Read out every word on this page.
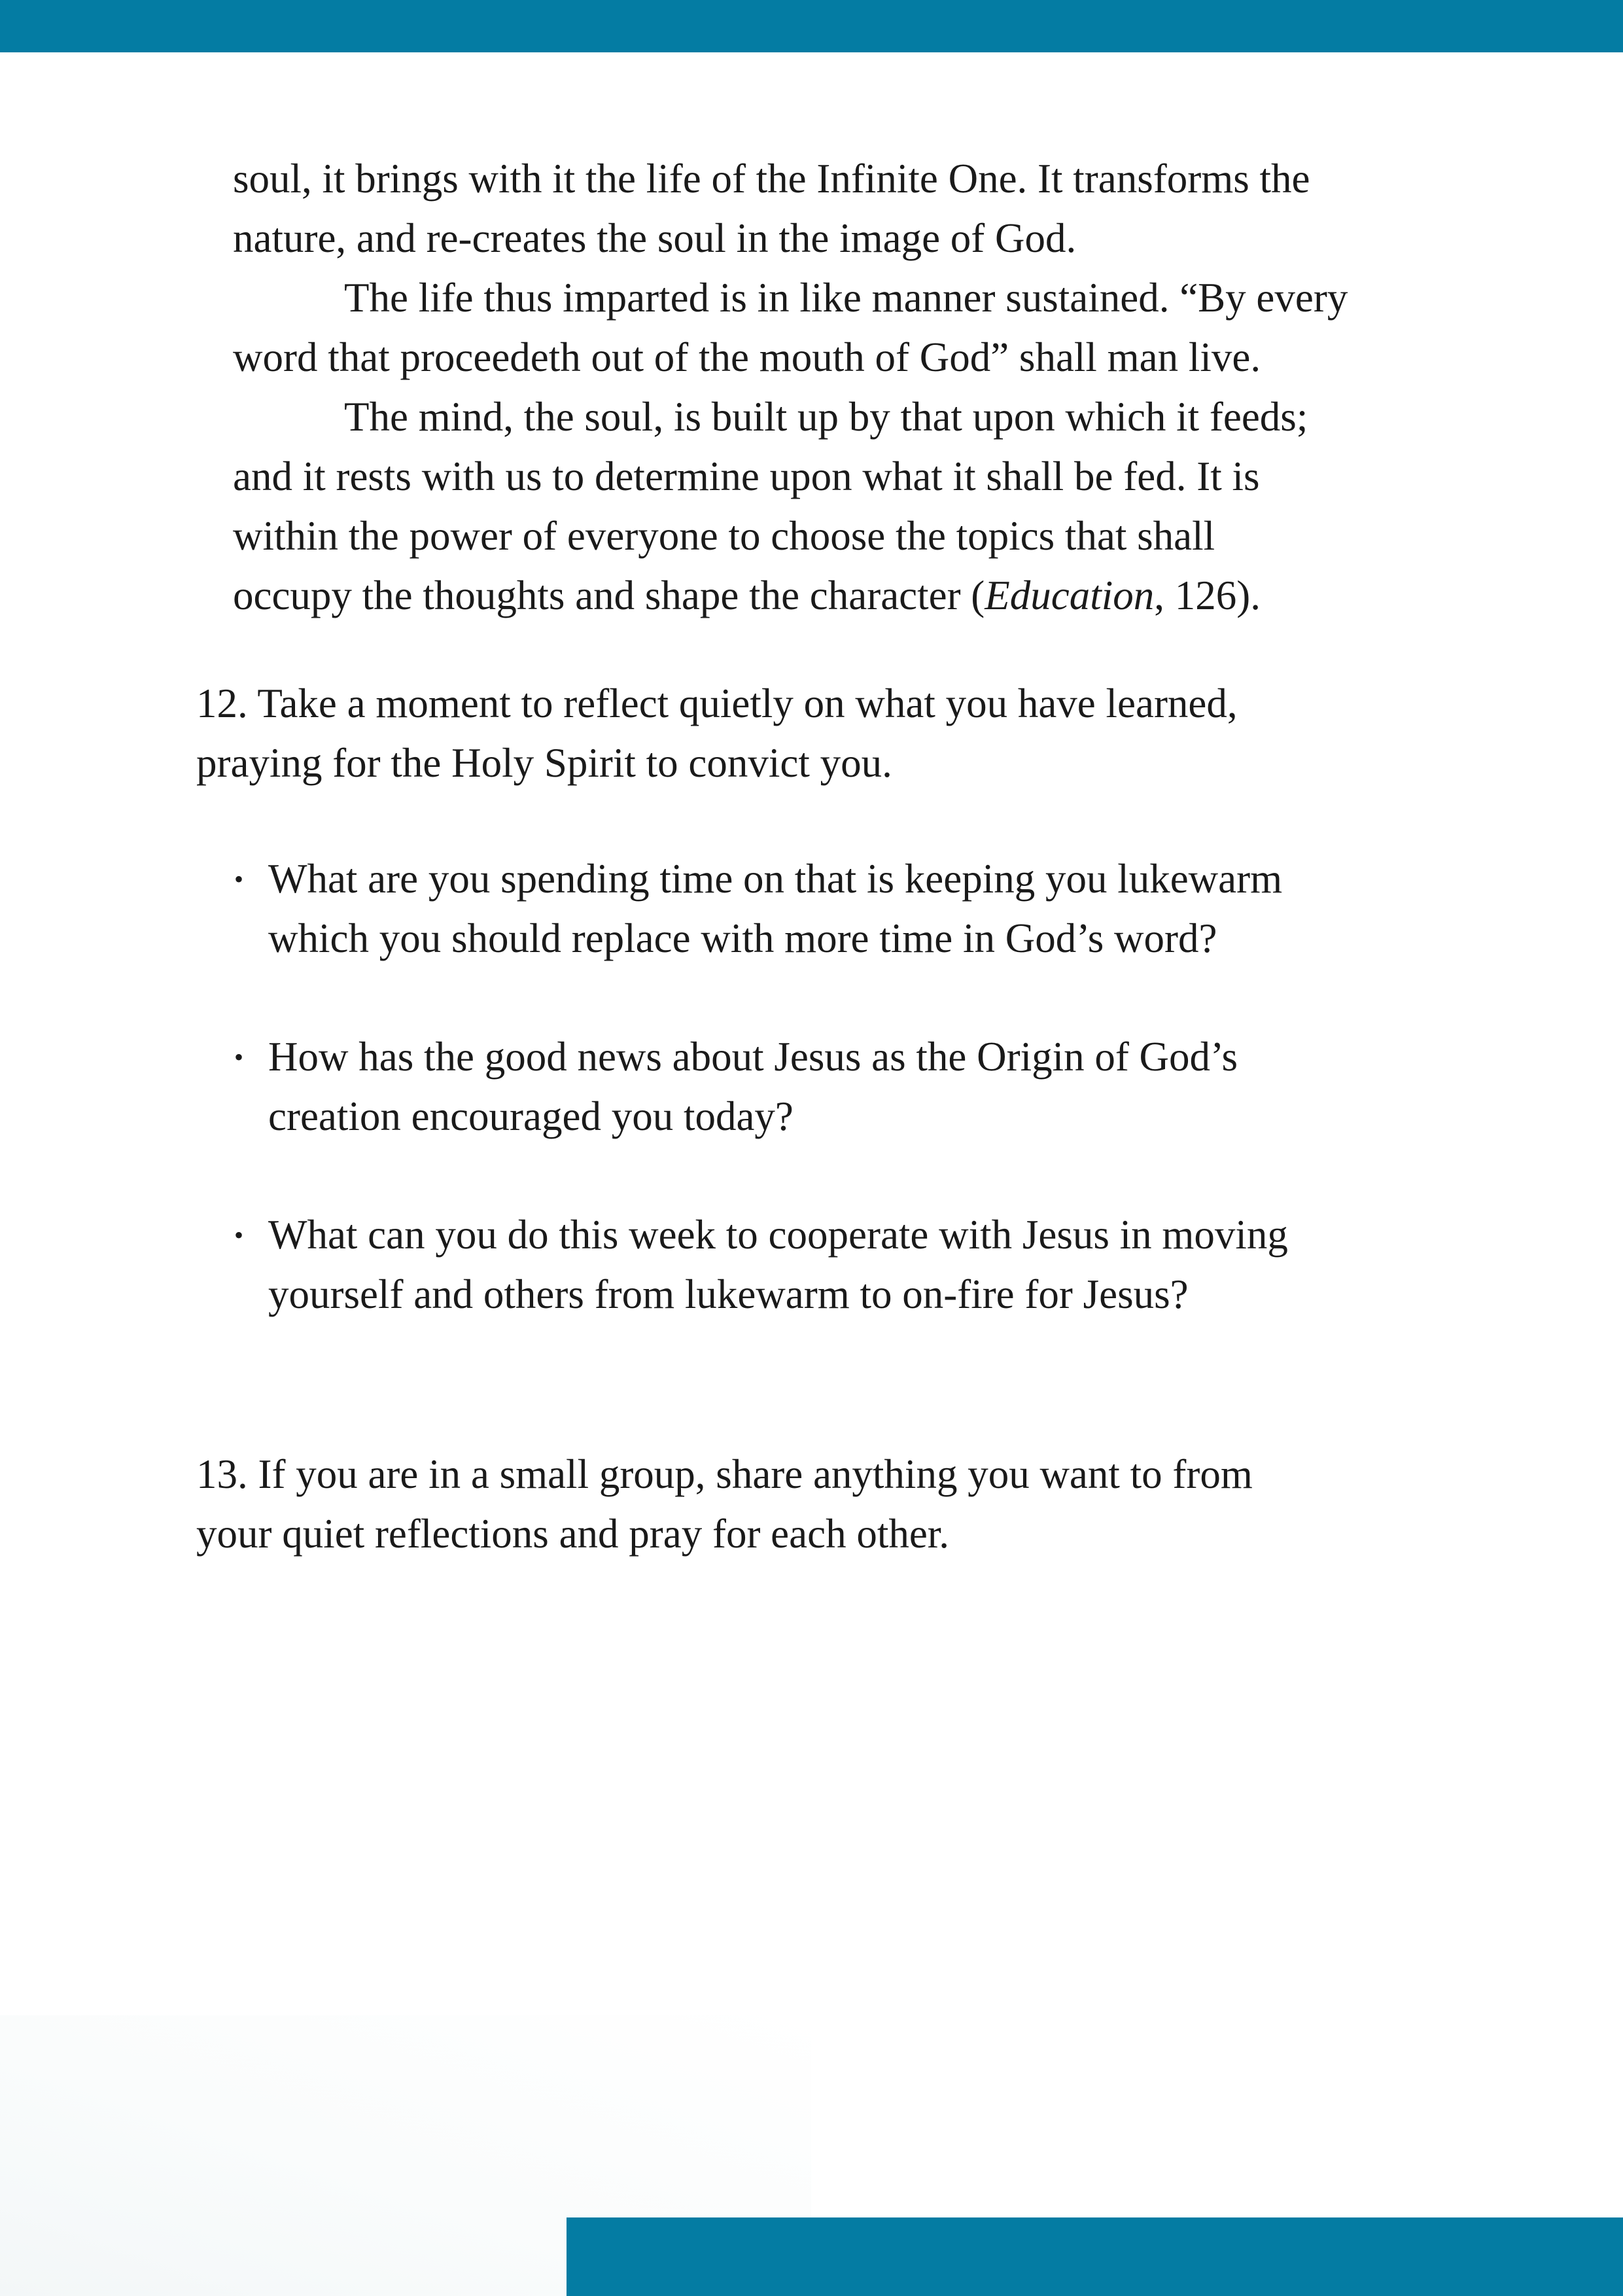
soul, it brings with it the life of the Infinite One. It transforms the
nature, and re-creates the soul in the image of God.
The life thus imparted is in like manner sustained. “By every
word that proceedeth out of the mouth of God” shall man live.
The mind, the soul, is built up by that upon which it feeds;
and it rests with us to determine upon what it shall be fed. It is
within the power of everyone to choose the topics that shall
occupy the thoughts and shape the character (Education, 126).
12. Take a moment to reflect quietly on what you have learned,
praying for the Holy Spirit to convict you.
• What are you spending time on that is keeping you lukewarm
which you should replace with more time in God’s word?
• How has the good news about Jesus as the Origin of God’s
creation encouraged you today?
• What can you do this week to cooperate with Jesus in moving
yourself and others from lukewarm to on-fire for Jesus?
13. If you are in a small group, share anything you want to from
your quiet reflections and pray for each other.
